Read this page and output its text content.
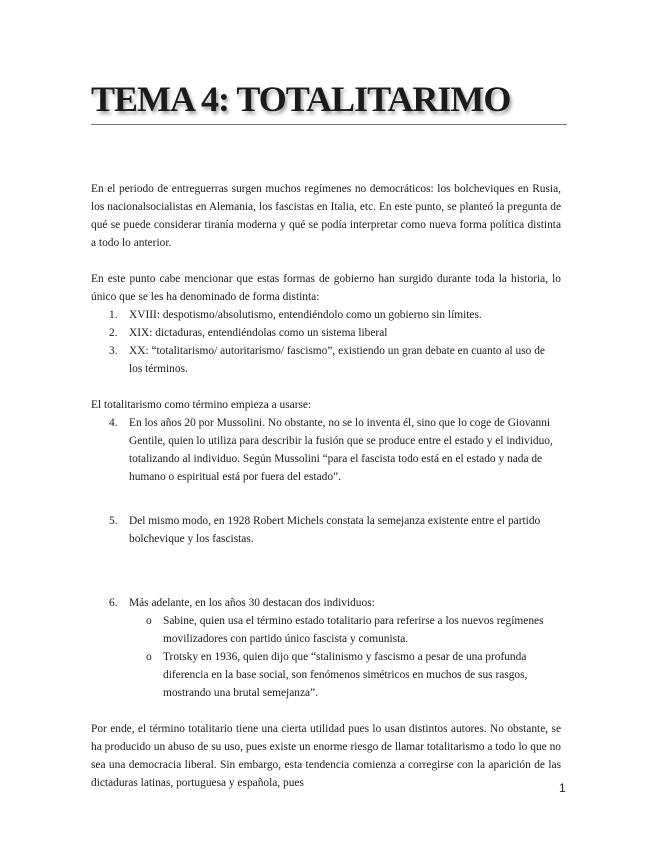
TEMA 4: TOTALITARIMO

En el periodo de entreguerras surgen muchos regímenes no democráticos: los bolcheviques en Rusia, los nacionalsocialistas en Alemania, los fascistas en Italia, etc. En este punto, se planteó la pregunta de qué se puede considerar tiranía moderna y qué se podía interpretar como nueva forma política distinta a todo lo anterior.

En este punto cabe mencionar que estas formas de gobierno han surgido durante toda la historia, lo único que se les ha denominado de forma distinta:

1. XVIII: despotismo/absolutismo, entendiéndolo como un gobierno sin límites.
2. XIX: dictaduras, entendiéndolas como un sistema liberal
3. XX: “totalitarismo/ autoritarismo/ fascismo”, existiendo un gran debate en cuanto al uso de los términos.

El totalitarismo como término empieza a usarse:

4. En los años 20 por Mussolini. No obstante, no se lo inventa él, sino que lo coge de Giovanni Gentile, quien lo utiliza para describir la fusión que se produce entre el estado y el individuo, totalizando al individuo. Según Mussolini “para el fascista todo está en el estado y nada de humano o espiritual está por fuera del estado”.
5. Del mismo modo, en 1928 Robert Michels constata la semejanza existente entre el partido bolchevique y los fascistas.
6. Más adelante, en los años 30 destacan dos individuos:
o Sabine, quien usa el término estado totalitario para referirse a los nuevos regímenes movilizadores con partido único fascista y comunista.
o Trotsky en 1936, quien dijo que “stalinismo y fascismo a pesar de una profunda diferencia en la base social, son fenómenos simétricos en muchos de sus rasgos, mostrando una brutal semejanza”.

Por ende, el término totalitario tiene una cierta utilidad pues lo usan distintos autores. No obstante, se ha producido un abuso de su uso, pues existe un enorme riesgo de llamar totalitarismo a todo lo que no sea una democracia liberal. Sin embargo, esta tendencia comienza a corregirse con la aparición de las dictaduras latinas, portuguesa y española, pues	1
